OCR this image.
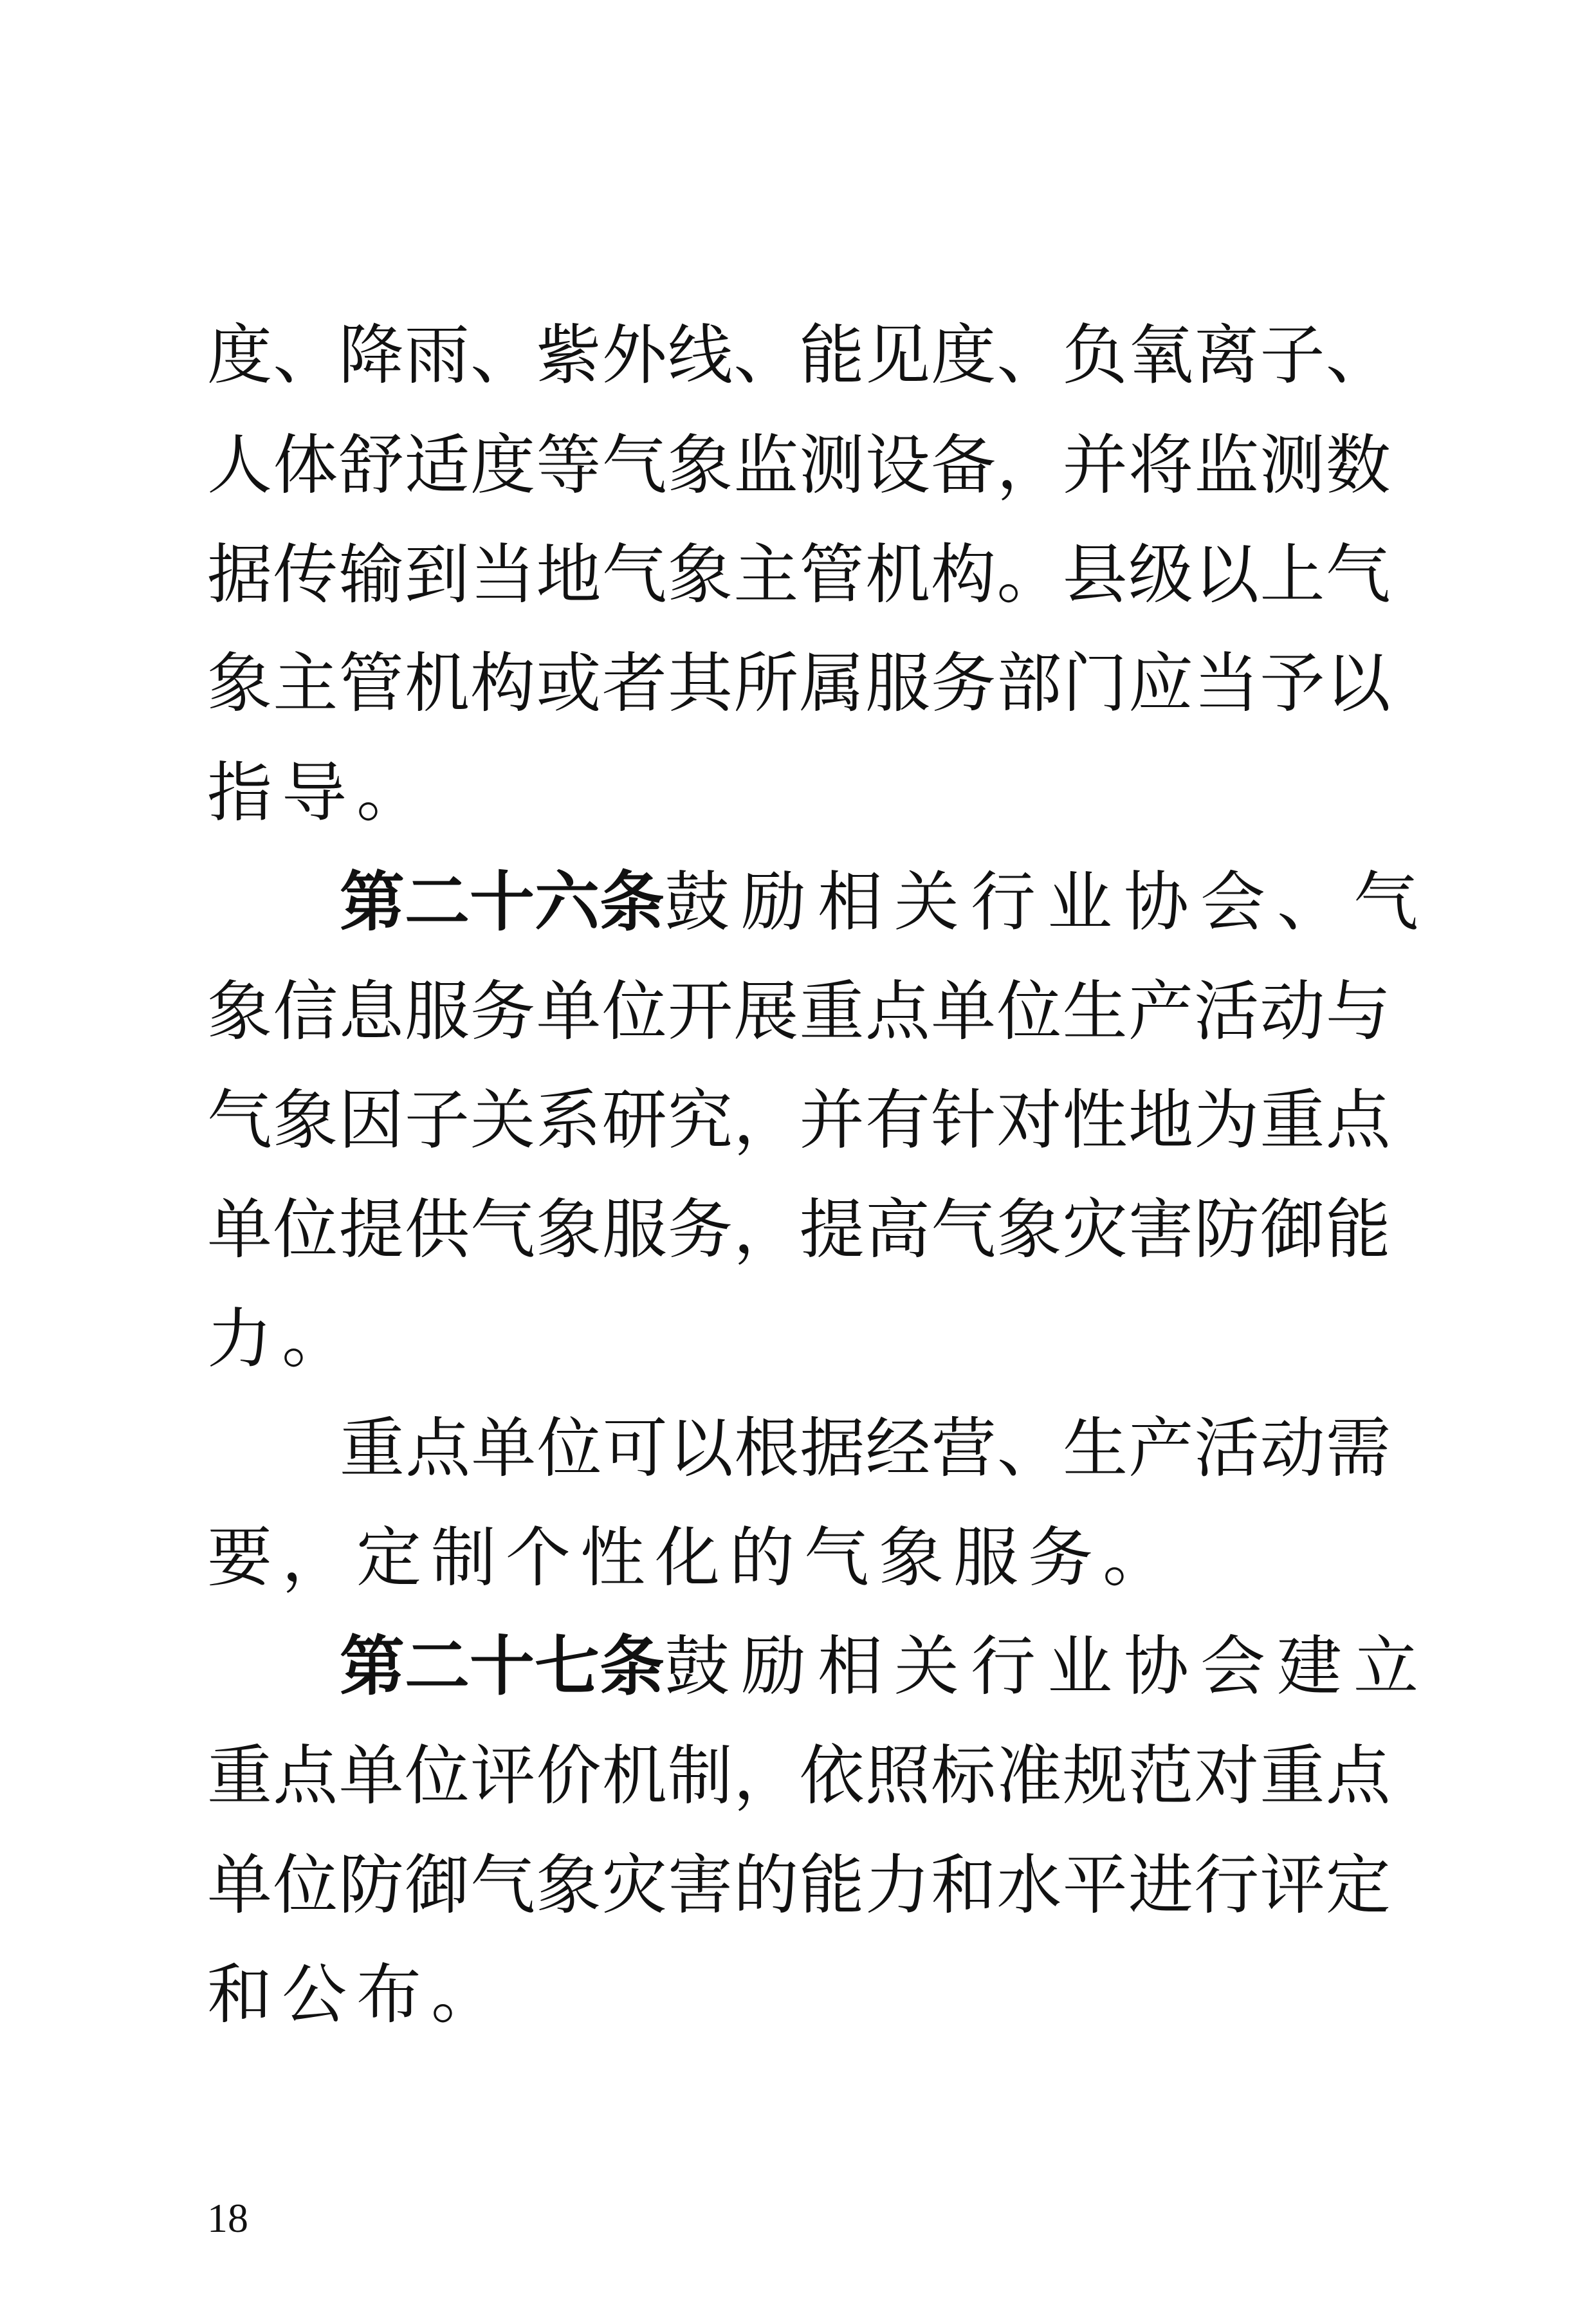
度 、 降 雨 、 紫 外 线 、 能 见 度 、 负 氧 离 子 、
人 体 舒 适 度 等 气 象 监 测 设 备 ， 并 将 监 测 数
据 传 输 到 当 地 气 象 主 管 机 构 。 县 级 以 上 气
象 主 管 机 构 或 者 其 所 属 服 务 部 门 应 当 予 以
指导。
第二十六条 鼓励相关行业协会、气
象 信 息 服 务 单 位 开 展 重 点 单 位 生 产 活 动 与
气 象 因 子 关 系 研 究 ， 并 有 针 对 性 地 为 重 点
单 位 提 供 气 象 服 务 ， 提 高 气 象 灾 害 防 御 能
力。
重 点 单 位 可 以 根 据 经 营 、 生 产 活 动 需
要，定制个性化的气象服务。
第二十七条 鼓励相关行业协会建立
重 点 单 位 评 价 机 制 ， 依 照 标 准 规 范 对 重 点
单 位 防 御 气 象 灾 害 的 能 力 和 水 平 进 行 评 定
和公布。
18
